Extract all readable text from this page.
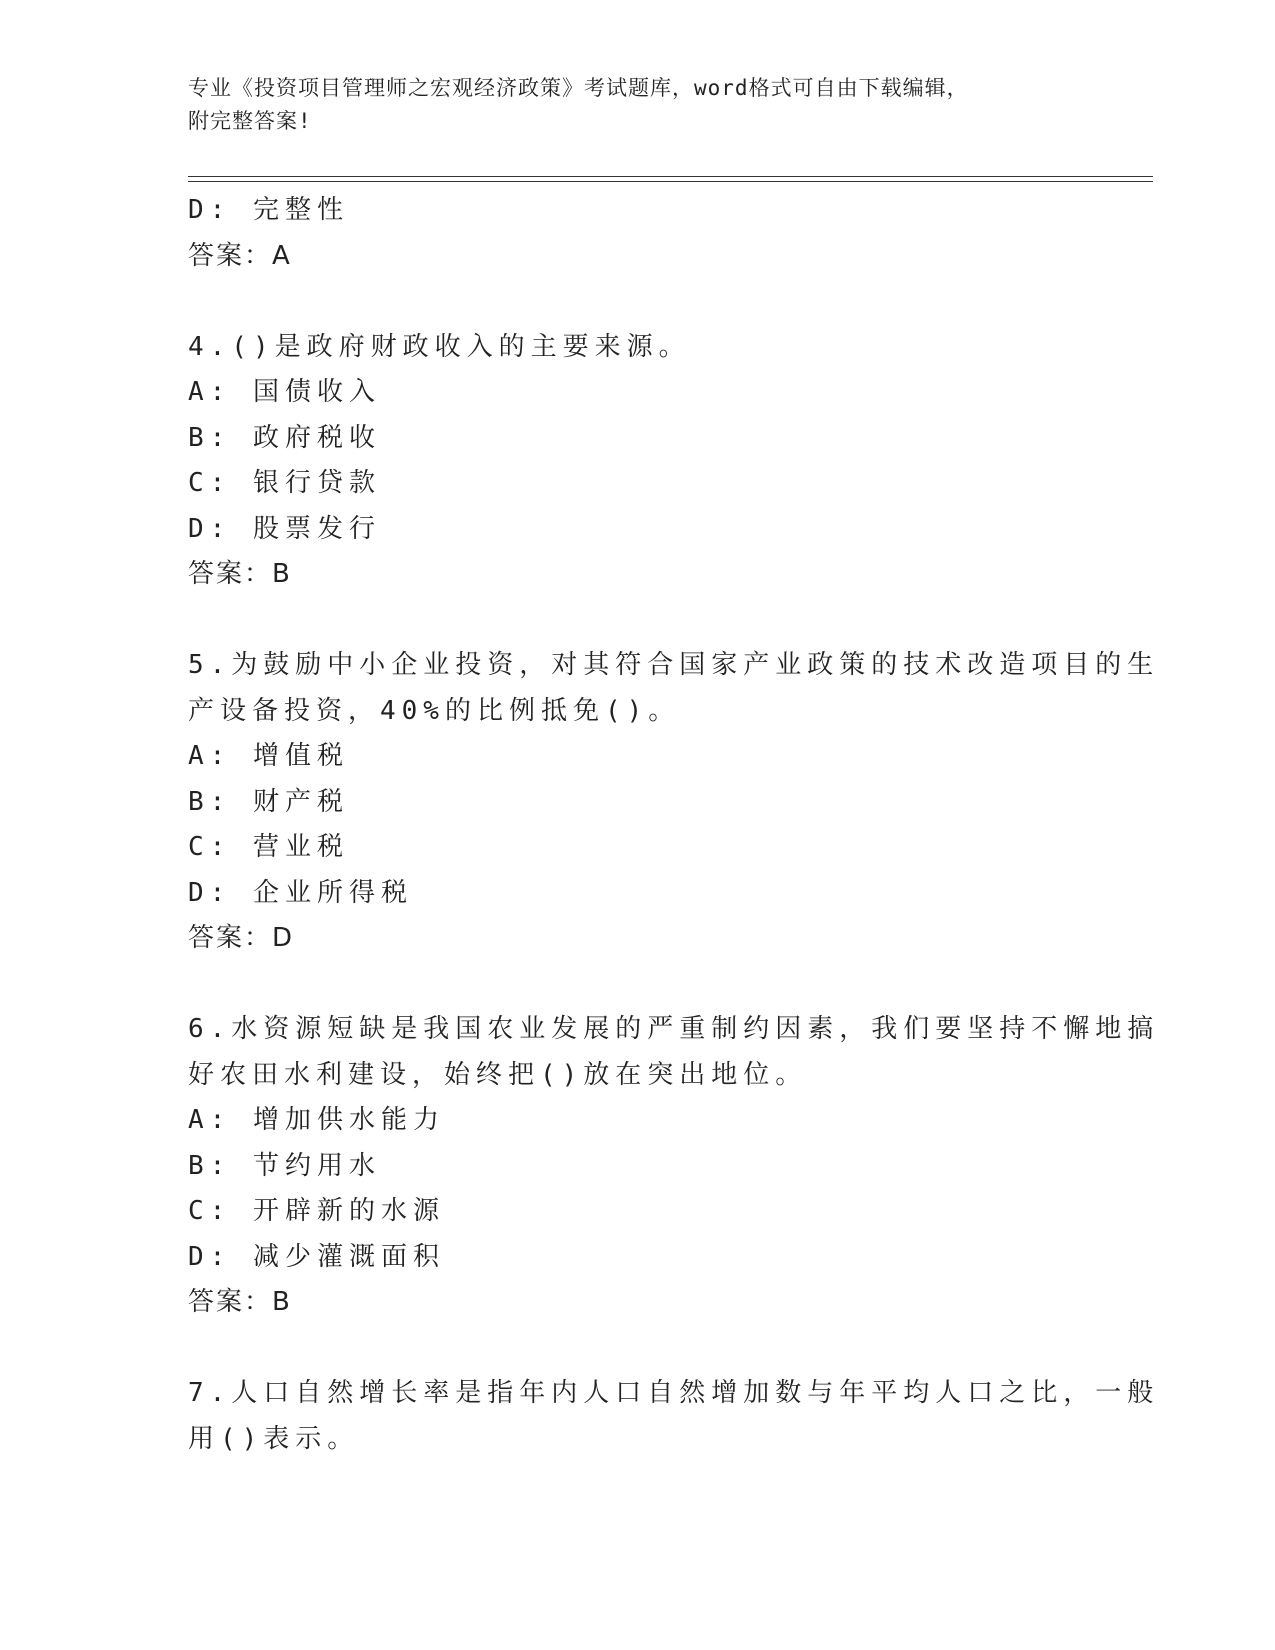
专业《投资项目管理师之宏观经济政策》考试题库，word格式可自由下载编辑，
附完整答案!
D: 完整性
答案：A
4.()是政府财政收入的主要来源。
A: 国债收入
B: 政府税收
C: 银行贷款
D: 股票发行
答案：B
5.为鼓励中小企业投资，对其符合国家产业政策的技术改造项目的生
产设备投资，40%的比例抵免()。
A: 增值税
B: 财产税
C: 营业税
D: 企业所得税
答案：D
6.水资源短缺是我国农业发展的严重制约因素，我们要坚持不懈地搞
好农田水利建设，始终把()放在突出地位。
A: 增加供水能力
B: 节约用水
C: 开辟新的水源
D: 减少灌溉面积
答案：B
7.人口自然增长率是指年内人口自然增加数与年平均人口之比，一般
用()表示。
